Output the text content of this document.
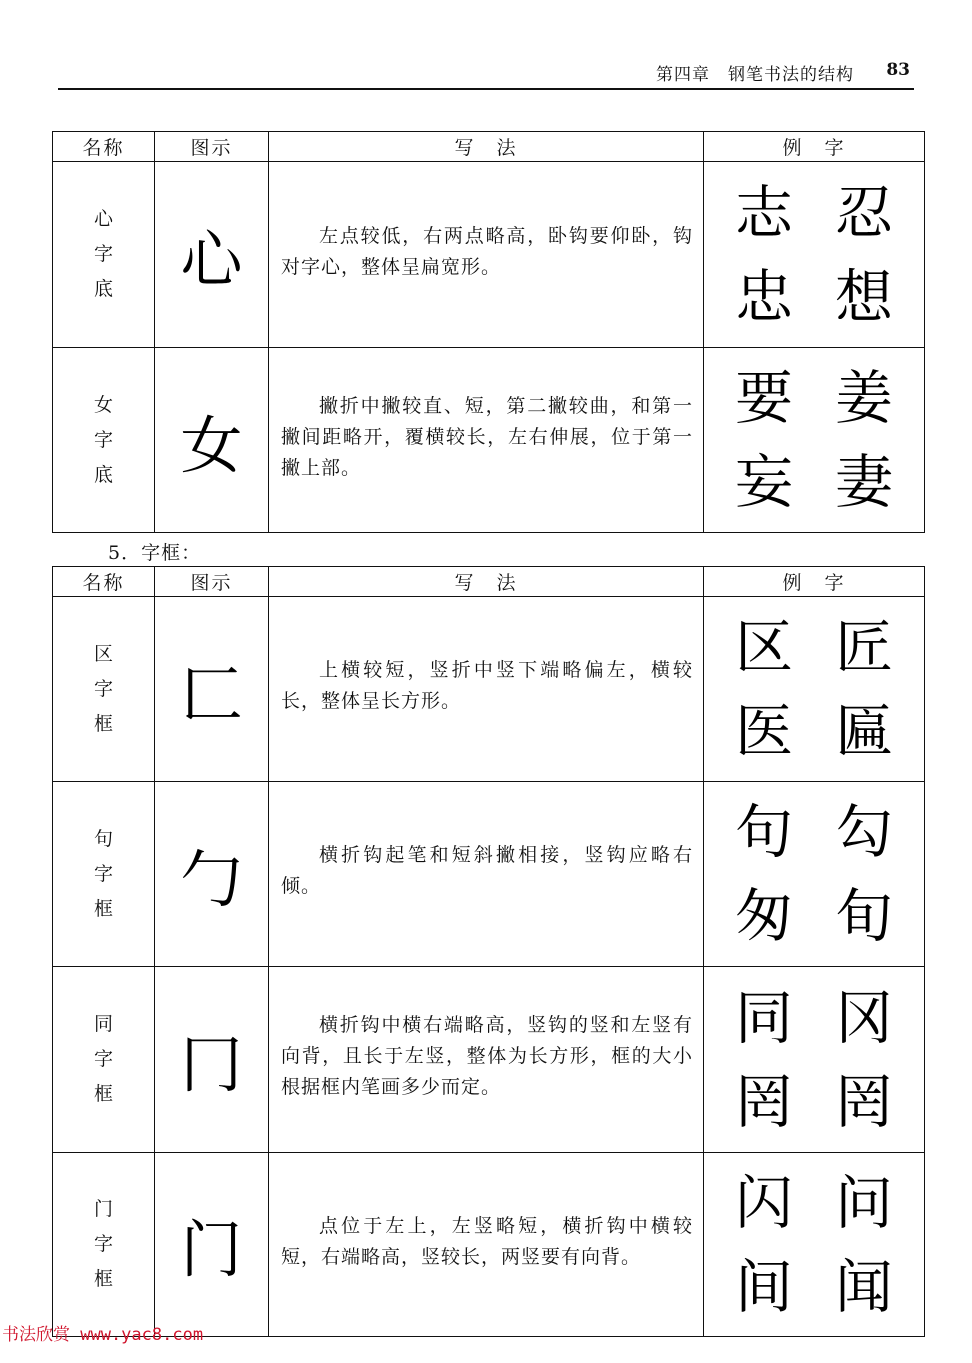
第四章　钢笔书法的结构 83
名称	图示	写　法	例　字
心字底	心	左点较低，右两点略高，卧钩要仰卧，钩对字心，整体呈扁宽形。	志 忍
忠 想

女字底	女	撇折中撇较直、短，第二撇较曲，和第一撇间距略开，覆横较长，左右伸展，位于第一撇上部。	要 姜
妄 妻
5．字框：
名称	图示	写　法	例　字
区字框	匚	上横较短，竖折中竖下端略偏左，横较长，整体呈长方形。	区 匠
医 匾

句字框	勹	横折钩起笔和短斜撇相接，竖钩应略右倾。	句 勾
匆 旬

同字框	冂	横折钩中横右端略高，竖钩的竖和左竖有向背，且长于左竖，整体为长方形，框的大小根据框内笔画多少而定。	同 冈
罔 罔

门字框	门	点位于左上，左竖略短，横折钩中横较短，右端略高，竖较长，两竖要有向背。	闪 问
间 闻
书法欣赏 www.yac8.com
